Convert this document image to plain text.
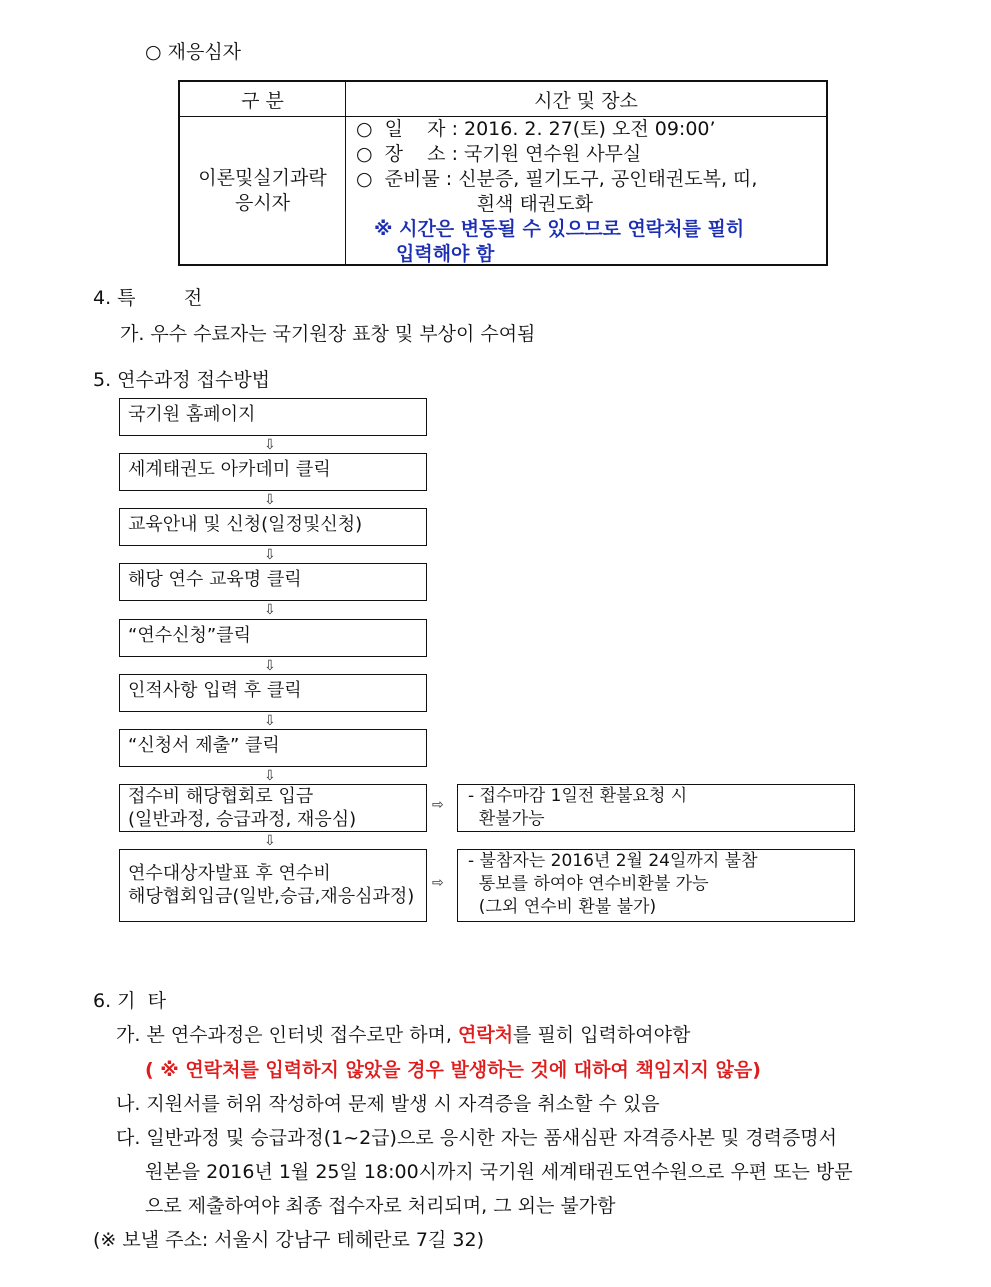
○ 재응심자
구 분	시간 및 장소
이론및실기과락
응시자
○  일    자 : 2016. 2. 27(토) 오전 09:00’
○  장    소 : 국기원 연수원 사무실
○  준비물 : 신분증, 필기도구, 공인태권도복, 띠,
흰색 태권도화
※ 시간은 변동될 수 있으므로 연락처를 필히
입력해야 함
4. 특        전
가. 우수 수료자는 국기원장 표창 및 부상이 수여됨
5. 연수과정 접수방법
국기원 홈페이지
⇩
세계태권도 아카데미 클릭
⇩
교육안내 및 신청(일정및신청)
⇩
해당 연수 교육명 클릭
⇩
“연수신청”클릭
⇩
인적사항 입력 후 클릭
⇩
“신청서 제출” 클릭
⇩
접수비 해당협회로 입금
(일반과정, 승급과정, 재응심)
⇨ - 접수마감 1일전 환불요청 시
환불가능
⇩
연수대상자발표 후 연수비
해당협회입금(일반,승급,재응심과정)
⇨
- 불참자는 2016년 2월 24일까지 불참
통보를 하여야 연수비환불 가능
(그외 연수비 환불 불가)
6. 기  타
가. 본 연수과정은 인터넷 접수로만 하며, 연락처를 필히 입력하여야함
( ※ 연락처를 입력하지 않았을 경우 발생하는 것에 대하여 책임지지 않음)
나. 지원서를 허위 작성하여 문제 발생 시 자격증을 취소할 수 있음
다. 일반과정 및 승급과정(1~2급)으로 응시한 자는 품새심판 자격증사본 및 경력증명서
원본을 2016년 1월 25일 18:00시까지 국기원 세계태권도연수원으로 우편 또는 방문
으로 제출하여야 최종 접수자로 처리되며, 그 외는 불가함
(※ 보낼 주소: 서울시 강남구 테헤란로 7길 32)
